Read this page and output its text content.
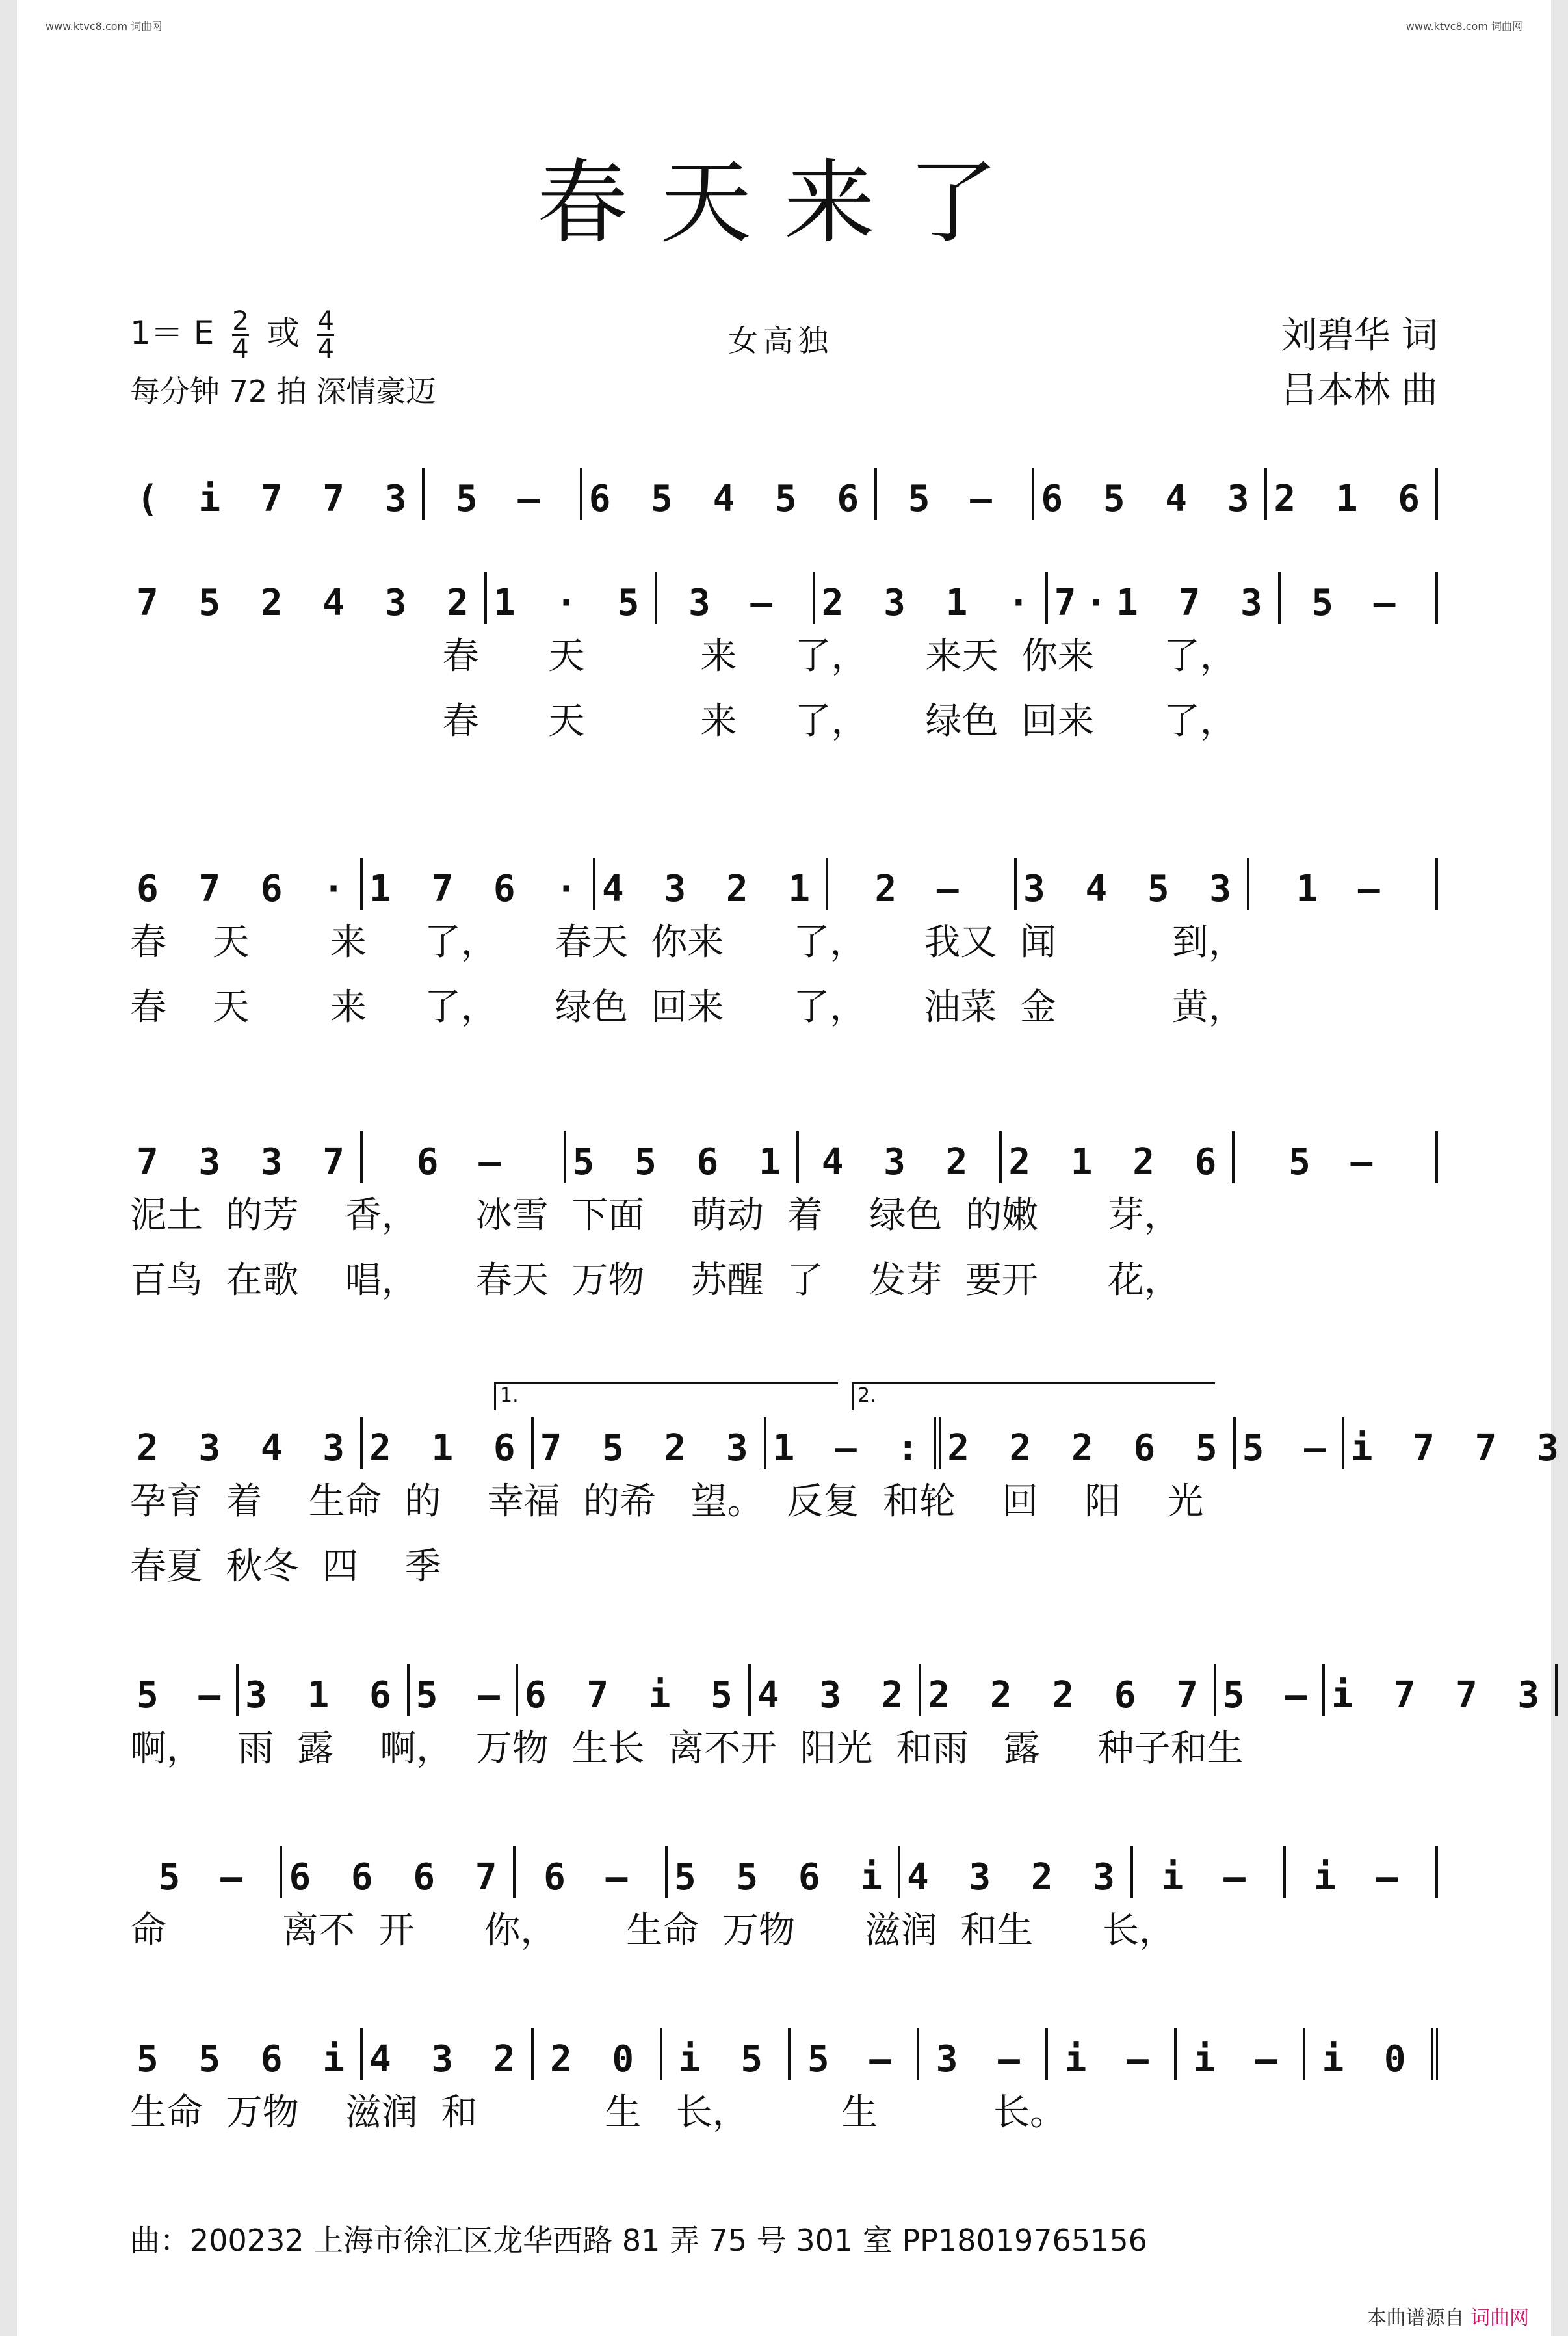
www.ktvc8.com 词曲网	www.ktvc8.com 词曲网
春天来了
1＝ E $\frac{2}{4}$ 或 $\frac{4}{4}$
每分钟 72 拍 深情豪迈
女高独	刘碧华 词
吕本林 曲
( i 7 7 3 5 – 6 5 4 5 6 5 – 6 5 4 3 2 1 6
7 5 2 4 3 2 1 · 5 3 – 2 3 1 · 7·1 7 3 5 –
春      天          来     了，     来天  你来      了，
春      天          来     了，     绿色  回来      了，
6 7 6 · 1 7 6 · 4 3 2 1 2 – 3 4 5 3 1 –
春    天       来     了，     春天  你来      了，     我又  闻          到，
春    天       来     了，     绿色  回来      了，     油菜  金          黄，
7 3 3 7 6 – 5 5 6 1 4 3 2 2 1 2 6 5 –
泥土  的芳    香，     冰雪  下面    萌动  着    绿色  的嫩      芽，
百鸟  在歌    唱，     春天  万物    苏醒  了    发芽  要开      花，
2 3 4 3 2 1 6 7 5 2 3 1 – : 2 2 2 6 5 5 – i 7 7 3
1.	2.
孕育  着    生命  的    幸福  的希   望。  反复  和轮    回    阳    光
春夏  秋冬  四    季
5 – 3 1 6 5 – 6 7 i 5 4 3 2 2 2 2 6 7 5 – i 7 7 3
啊，   雨  露    啊，  万物  生长  离不开  阳光  和雨   露     种子和生
5 – 6 6 6 7 6 – 5 5 6 i 4 3 2 3 i – i –
命          离不  开      你，      生命  万物      滋润  和生      长，
5 5 6 i 4 3 2 2 0 i 5 5 – 3 – i – i – i 0
生命  万物    滋润  和           生   长，        生          长。
曲：200232 上海市徐汇区龙华西路 81 弄 75 号 301 室 PP18019765156
本曲谱源自 词曲网
